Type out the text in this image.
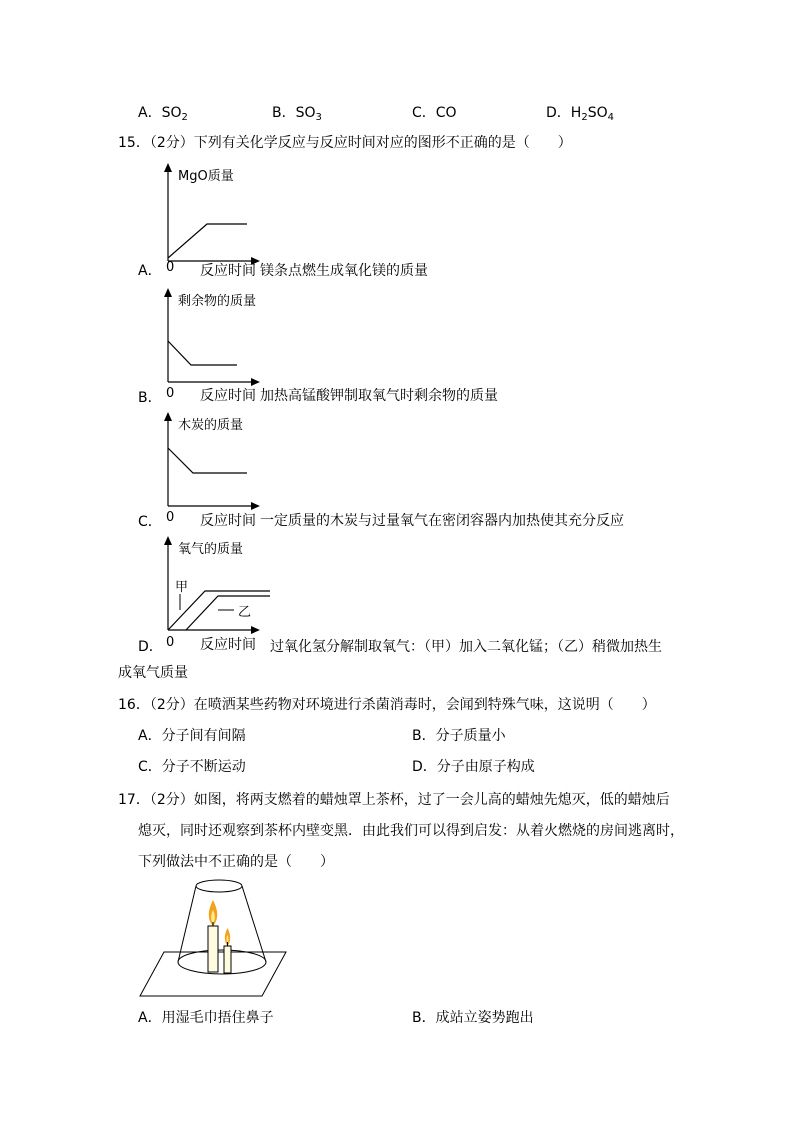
A．$SO_2$	B．$SO_3$	C．CO	D．$H_2SO_4$
15．（2分）下列有关化学反应与反应时间对应的图形不正确的是（　　）
MgO质量
A． 0 反应时间 镁条点燃生成氧化镁的质量
剩余物的质量
B． 0 反应时间 加热高锰酸钾制取氧气时剩余物的质量
木炭的质量
C． 0 反应时间 一定质量的木炭与过量氧气在密闭容器内加热使其充分反应
氧气的质量
甲
乙
D． 0 反应时间 过氧化氢分解制取氧气：（甲）加入二氧化锰；（乙）稍微加热生
成氧气质量
16．（2分）在喷洒某些药物对环境进行杀菌消毒时，会闻到特殊气味，这说明（　　）
A．分子间有间隔	B．分子质量小
C．分子不断运动	D．分子由原子构成
17．（2分）如图，将两支燃着的蜡烛罩上茶杯，过了一会儿高的蜡烛先熄灭，低的蜡烛后
熄灭，同时还观察到茶杯内壁变黑．由此我们可以得到启发：从着火燃烧的房间逃离时，
下列做法中不正确的是（　　）
A．用湿毛巾捂住鼻子	B．成站立姿势跑出
